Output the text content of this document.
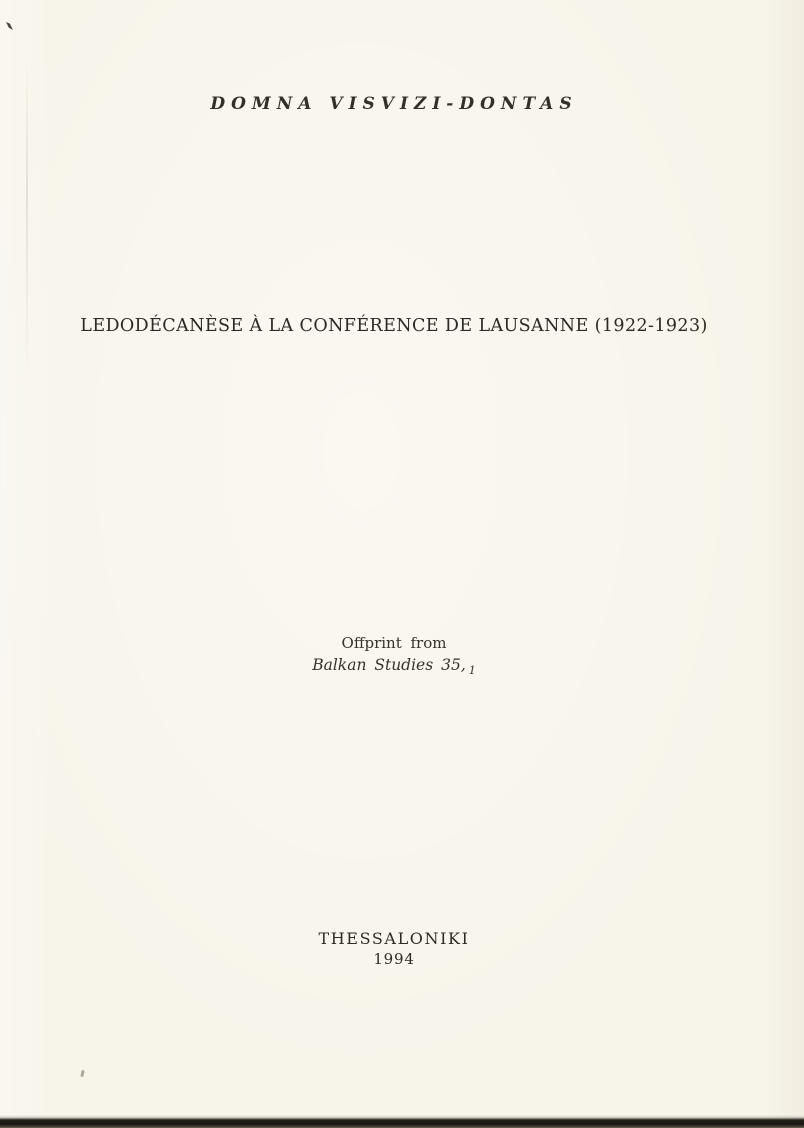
DOMNA VISVIZI-DONTAS
LEDODÉCANÈSE À LA CONFÉRENCE DE LAUSANNE (1922-1923)
Offprint from
Balkan Studies 35, $_1$
THESSALONIKI
1994
